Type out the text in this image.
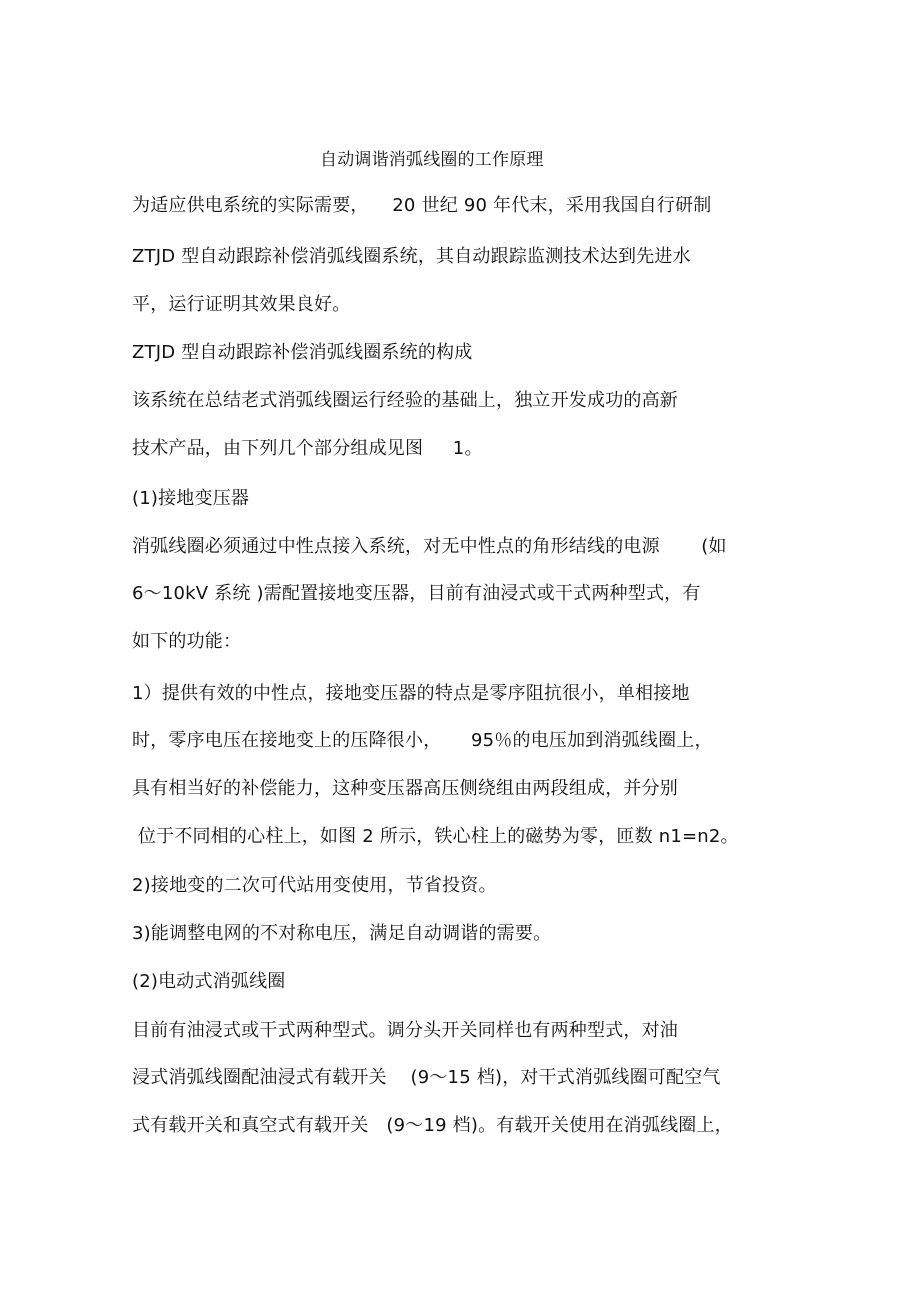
自动调谐消弧线圈的工作原理
为适应供电系统的实际需要，    20 世纪 90 年代末，采用我国自行研制
ZTJD 型自动跟踪补偿消弧线圈系统，其自动跟踪监测技术达到先进水
平，运行证明其效果良好。
ZTJD 型自动跟踪补偿消弧线圈系统的构成
该系统在总结老式消弧线圈运行经验的基础上，独立开发成功的高新
技术产品，由下列几个部分组成见图     1。
(1)接地变压器
消弧线圈必须通过中性点接入系统，对无中性点的角形结线的电源       (如
6～10kV 系统 )需配置接地变压器，目前有油浸式或干式两种型式，有
如下的功能：
1）提供有效的中性点，接地变压器的特点是零序阻抗很小，单相接地
时，零序电压在接地变上的压降很小，     95％的电压加到消弧线圈上，
具有相当好的补偿能力，这种变压器高压侧绕组由两段组成，并分别
位于不同相的心柱上，如图 2 所示，铁心柱上的磁势为零，匝数 n1=n2。
2)接地变的二次可代站用变使用，节省投资。
3)能调整电网的不对称电压，满足自动调谐的需要。
(2)电动式消弧线圈
目前有油浸式或干式两种型式。调分头开关同样也有两种型式，对油
浸式消弧线圈配油浸式有载开关    (9～15 档)，对干式消弧线圈可配空气
式有载开关和真空式有载开关   (9～19 档)。有载开关使用在消弧线圈上，
